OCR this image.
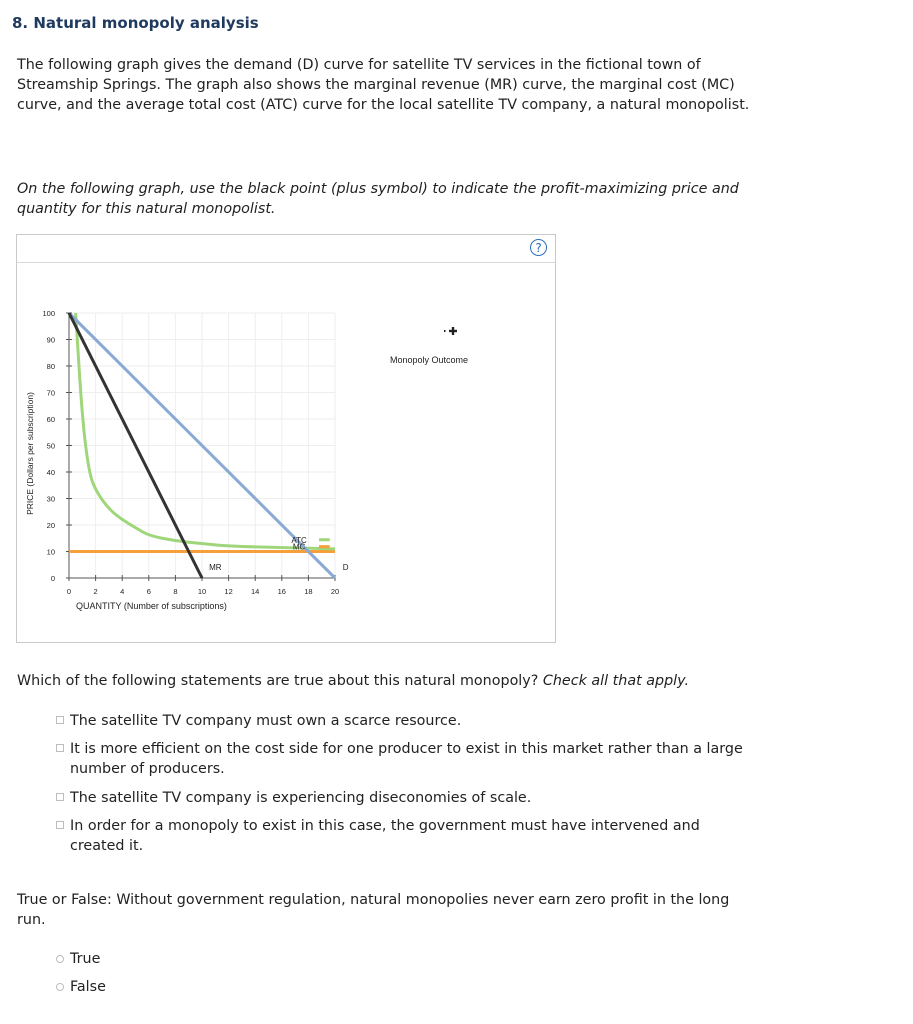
8. Natural monopoly analysis
The following graph gives the demand (D) curve for satellite TV services in the fictional town of Streamship Springs. The graph also shows the marginal revenue (MR) curve, the marginal cost (MC) curve, and the average total cost (ATC) curve for the local satellite TV company, a natural monopolist.
On the following graph, use the black point (plus symbol) to indicate the profit-maximizing price and quantity for this natural monopolist.
?
0	2	4	6	8	10 12 14 16 18 20
0
10
20
30
40
50
60
70
80
90
100
QUANTITY (Number of subscriptions)
PRICE (Dollars per subscription)
D
MR
ATC
MC
Monopoly Outcome
Which of the following statements are true about this natural monopoly? Check all that apply.
The satellite TV company must own a scarce resource.
It is more efficient on the cost side for one producer to exist in this market rather than a large number of producers.
The satellite TV company is experiencing diseconomies of scale.
In order for a monopoly to exist in this case, the government must have intervened and created it.
True or False: Without government regulation, natural monopolies never earn zero profit in the long run.
True
False
